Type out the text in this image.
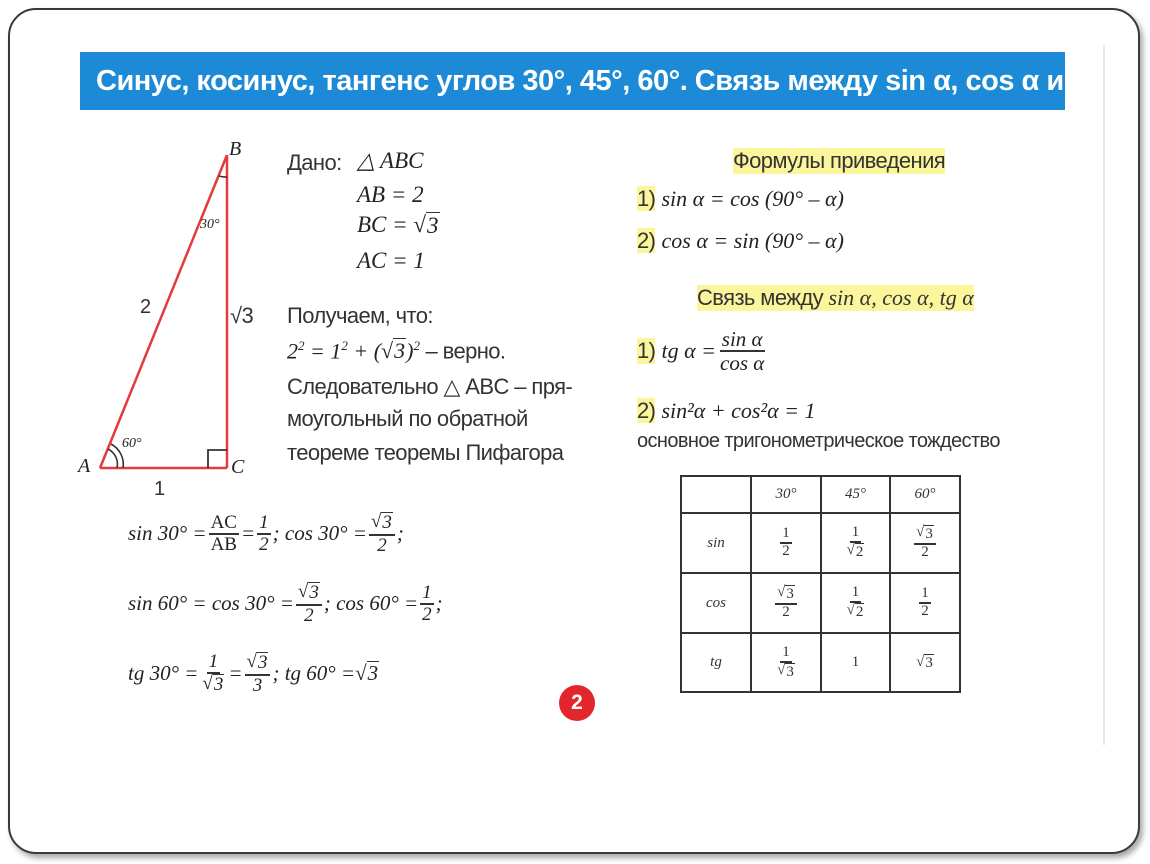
Синус, косинус, тангенс углов 30°, 45°, 60°. Связь между sin α, cos α и tg α
B
A	C
60°
30°
2	√3
1
Дано: △ ABC
AB = 2
BC = √ 3
AC = 1
Получаем, что:
$2^2 = 1^2$ + ( √ 3 )$^2$ – верно.
Следовательно △ ABC – пря-
моугольный по обратной
теореме теоремы Пифагора
$\sin 30^\circ = \frac{AC}{AB} = \frac{1}{2}$ ; $\cos 30^\circ = \frac{√ 3}{2}$ ;
$\sin 60^\circ = \cos 30^\circ = \frac{√ 3}{2}$ ; $\cos 60^\circ = \frac{1}{2}$ ;
tg $30^\circ = \frac{1}{√ 3} = \frac{√ 3}{3}$ ; tg 60° = √ 3
Формулы приведения
1) sin α = cos (90° – α)
2) cos α = sin (90° – α)
Связь между sin α, cos α, tg α
1)
tg $\alpha = \frac{\text{sin α}}{\text{cos α}}$
2) sin²α + cos²α = 1
основное тригонометрическое тождество
	30°	45°	60°
sin	$\frac{1}{2}$	$\frac{1}{√ 2}$	$\frac{√ 3}{2}$

cos	$\frac{√ 3}{2}$	$\frac{1}{√ 2}$	$\frac{1}{2}$

tg	$\frac{1}{√ 3}$	1	√ 3
2
